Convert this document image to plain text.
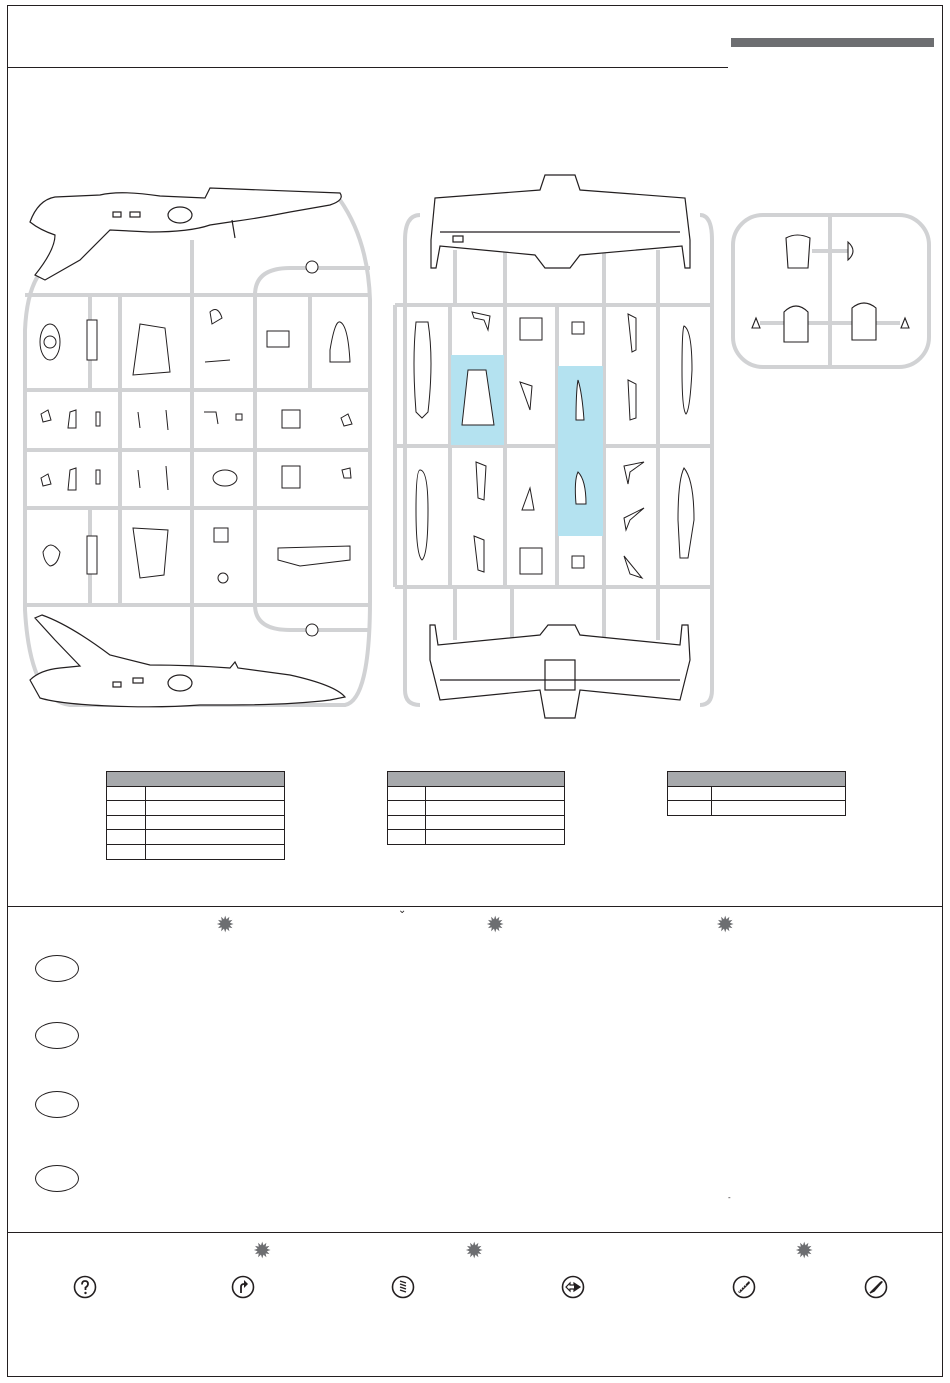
⌄
✹	✹	✹
-
✹	✹	✹
